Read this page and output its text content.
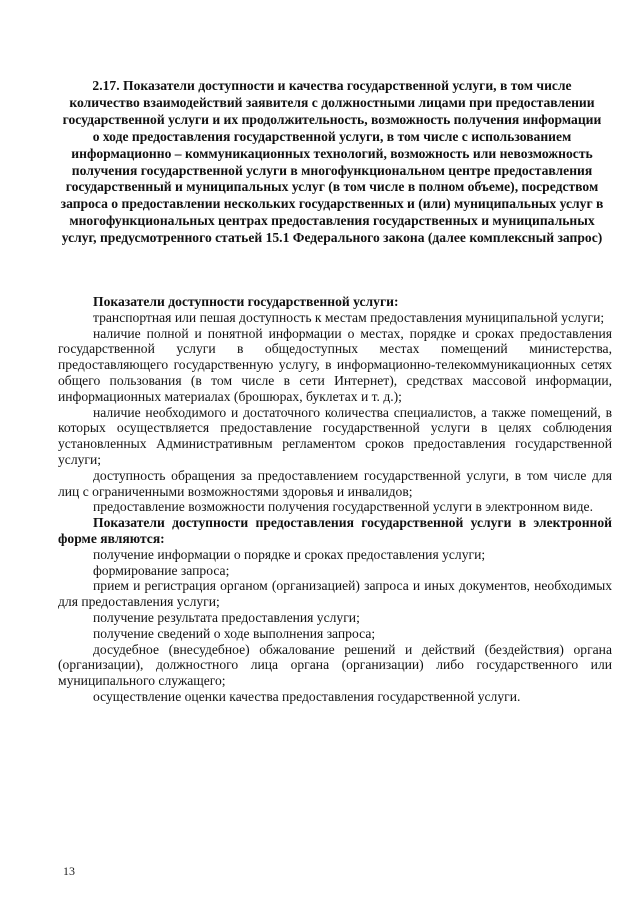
2.17. Показатели доступности и качества государственной услуги, в том числе количество взаимодействий заявителя с должностными лицами при предоставлении государственной услуги и их продолжительность, возможность получения информации о ходе предоставления государственной услуги, в том числе с использованием информационно – коммуникационных технологий, возможность или невозможность получения государственной услуги в многофункциональном центре предоставления государственный и муниципальных услуг (в том числе в полном объеме), посредством запроса о предоставлении нескольких государственных и (или) муниципальных услуг в многофункциональных центрах предоставления государственных и муниципальных услуг, предусмотренного статьей 15.1 Федерального закона (далее комплексный запрос)

Показатели доступности государственной услуги:

транспортная или пешая доступность к местам предоставления муниципальной услуги;

наличие полной и понятной информации о местах, порядке и сроках предоставления государственной услуги в общедоступных местах помещений министерства, предоставляющего государственную услугу, в информационно-телекоммуникационных сетях общего пользования (в том числе в сети Интернет), средствах массовой информации, информационных материалах (брошюрах, буклетах и т. д.);

наличие необходимого и достаточного количества специалистов, а также помещений, в которых осуществляется предоставление государственной услуги в целях соблюдения установленных Административным регламентом сроков предоставления государственной услуги;

доступность обращения за предоставлением государственной услуги, в том числе для лиц с ограниченными возможностями здоровья и инвалидов;

предоставление возможности получения государственной услуги в электронном виде.

Показатели доступности предоставления государственной услуги в электронной форме являются:

получение информации о порядке и сроках предоставления услуги;

формирование запроса;

прием и регистрация органом (организацией) запроса и иных документов, необходимых для предоставления услуги;

получение результата предоставления услуги;

получение сведений о ходе выполнения запроса;

досудебное (внесудебное) обжалование решений и действий (бездействия) органа (организации), должностного лица органа (организации) либо государственного или муниципального служащего;

осуществление оценки качества предоставления государственной услуги.

13
